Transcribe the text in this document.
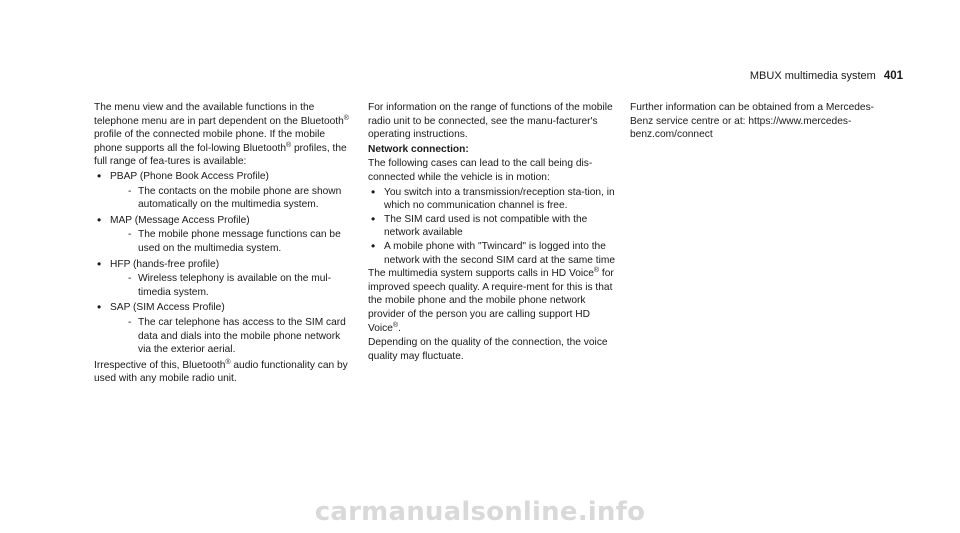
MBUX multimedia system 401

The menu view and the available functions in the telephone menu are in part dependent on the Bluetooth® profile of the connected mobile phone. If the mobile phone supports all the fol-lowing Bluetooth® profiles, the full range of fea-tures is available:

• PBAP (Phone Book Access Profile)
- The contacts on the mobile phone are shown automatically on the multimedia system.
• MAP (Message Access Profile)
- The mobile phone message functions can be used on the multimedia system.
• HFP (hands-free profile)
- Wireless telephony is available on the mul-timedia system.
• SAP (SIM Access Profile)
- The car telephone has access to the SIM card data and dials into the mobile phone network via the exterior aerial.

Irrespective of this, Bluetooth® audio functionality can by used with any mobile radio unit.

For information on the range of functions of the mobile radio unit to be connected, see the manu-facturer's operating instructions.

Network connection:

The following cases can lead to the call being dis-connected while the vehicle is in motion:

• You switch into a transmission/reception sta-tion, in which no communication channel is free.
• The SIM card used is not compatible with the network available
• A mobile phone with "Twincard" is logged into the network with the second SIM card at the same time

The multimedia system supports calls in HD Voice® for improved speech quality. A require-ment for this is that the mobile phone and the mobile phone network provider of the person you are calling support HD Voice®.

Depending on the quality of the connection, the voice quality may fluctuate.

Further information can be obtained from a Mercedes-Benz service centre or at: https://www.mercedes-benz.com/connect

carmanualsonline.info
